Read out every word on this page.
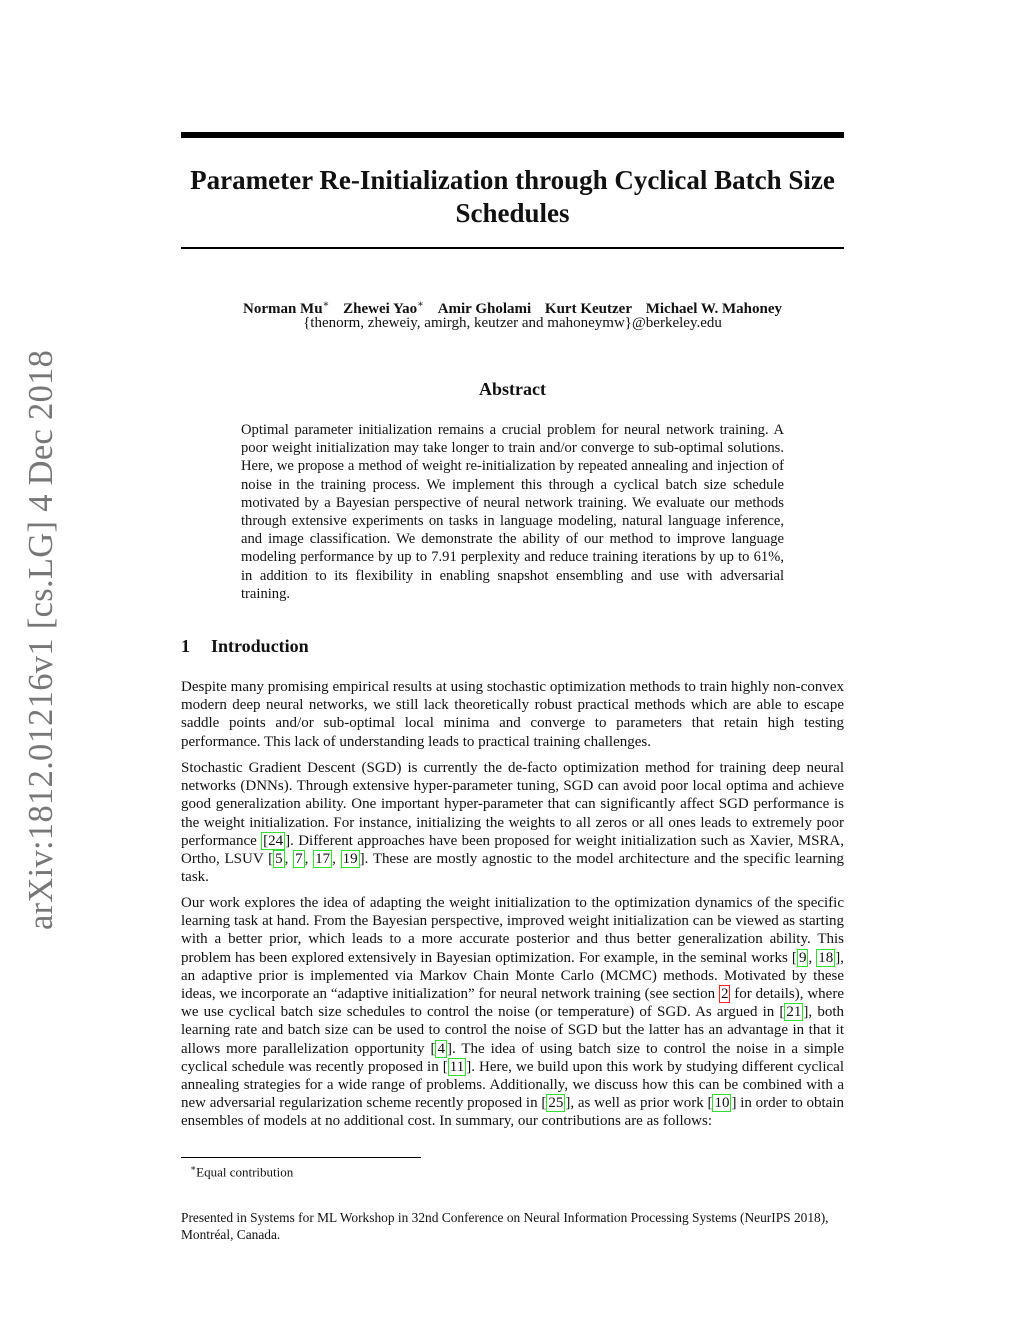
Parameter Re-Initialization through Cyclical Batch Size Schedules
Norman Mu∗ Zhewei Yao∗ Amir Gholami Kurt Keutzer Michael W. Mahoney
{thenorm, zheweiy, amirgh, keutzer and mahoneymw}@berkeley.edu
Abstract

Optimal parameter initialization remains a crucial problem for neural network training. A poor weight initialization may take longer to train and/or converge to sub-optimal solutions. Here, we propose a method of weight re-initialization by repeated annealing and injection of noise in the training process. We implement this through a cyclical batch size schedule motivated by a Bayesian perspective of neural network training. We evaluate our methods through extensive experiments on tasks in language modeling, natural language inference, and image classification. We demonstrate the ability of our method to improve language modeling performance by up to 7.91 perplexity and reduce training iterations by up to 61%, in addition to its flexibility in enabling snapshot ensembling and use with adversarial training.

1 Introduction

Despite many promising empirical results at using stochastic optimization methods to train highly non-convex modern deep neural networks, we still lack theoretically robust practical methods which are able to escape saddle points and/or sub-optimal local minima and converge to parameters that retain high testing performance. This lack of understanding leads to practical training challenges.

Stochastic Gradient Descent (SGD) is currently the de-facto optimization method for training deep neural networks (DNNs). Through extensive hyper-parameter tuning, SGD can avoid poor local optima and achieve good generalization ability. One important hyper-parameter that can significantly affect SGD performance is the weight initialization. For instance, initializing the weights to all zeros or all ones leads to extremely poor performance [24 ]. Different approaches have been proposed for weight initialization such as Xavier, MSRA, Ortho, LSUV [ 5 , 7 , 17 , 19 ]. These are mostly agnostic to the model architecture and the specific learning task.

Our work explores the idea of adapting the weight initialization to the optimization dynamics of the specific learning task at hand. From the Bayesian perspective, improved weight initialization can be viewed as starting with a better prior, which leads to a more accurate posterior and thus better generalization ability. This problem has been explored extensively in Bayesian optimization. For example, in the seminal works [ 9 , 18 ], an adaptive prior is implemented via Markov Chain Monte Carlo (MCMC) methods. Motivated by these ideas, we incorporate an “adaptive initialization” for neural network training (see section 2 for details), where we use cyclical batch size schedules to control the noise (or temperature) of SGD. As argued in [ 21 ], both learning rate and batch size can be used to control the noise of SGD but the latter has an advantage in that it allows more parallelization opportunity [ 4 ]. The idea of using batch size to control the noise in a simple cyclical schedule was recently proposed in [ 11 ]. Here, we build upon this work by studying different cyclical annealing strategies for a wide range of problems. Additionally, we discuss how this can be combined with a new adversarial regularization scheme recently proposed in [ 25 ], as well as prior work [ 10 ] in order to obtain ensembles of models at no additional cost. In summary, our contributions are as follows:

∗Equal contribution
Presented in Systems for ML Workshop in 32nd Conference on Neural Information Processing Systems (NeurIPS 2018), Montréal, Canada.
arXiv:1812.01216v1 [cs.LG] 4 Dec 2018
